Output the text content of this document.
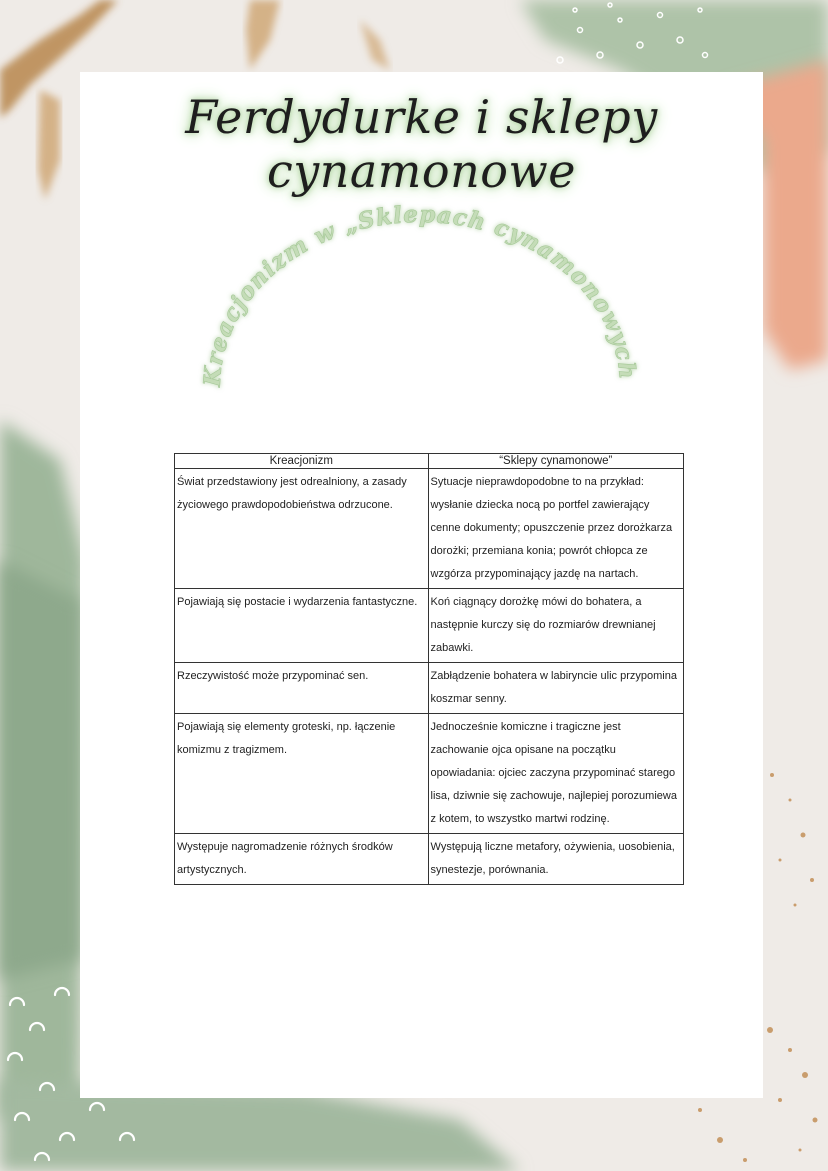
Ferdydurke i sklepy cynamonowe
Kreacjonizm w „Sklepach cynamonowych”
Kreacjonizm	“Sklepy cynamonowe”
Świat przedstawiony jest odrealniony, a zasady życiowego prawdopodobieństwa odrzucone.	Sytuacje nieprawdopodobne to na przykład: wysłanie dziecka nocą po portfel zawierający cenne dokumenty; opuszczenie przez dorożkarza dorożki; przemiana konia; powrót chłopca ze wzgórza przypominający jazdę na nartach.
Pojawiają się postacie i wydarzenia fantastyczne.	Koń ciągnący dorożkę mówi do bohatera, a następnie kurczy się do rozmiarów drewnianej zabawki.
Rzeczywistość może przypominać sen.	Zabłądzenie bohatera w labiryncie ulic przypomina koszmar senny.
Pojawiają się elementy groteski, np. łączenie komizmu z tragizmem.	Jednocześnie komiczne i tragiczne jest zachowanie ojca opisane na początku opowiadania: ojciec zaczyna przypominać starego lisa, dziwnie się zachowuje, najlepiej porozumiewa z kotem, to wszystko martwi rodzinę.
Występuje nagromadzenie różnych środków artystycznych.	Występują liczne metafory, ożywienia, uosobienia, synestezje, porównania.
